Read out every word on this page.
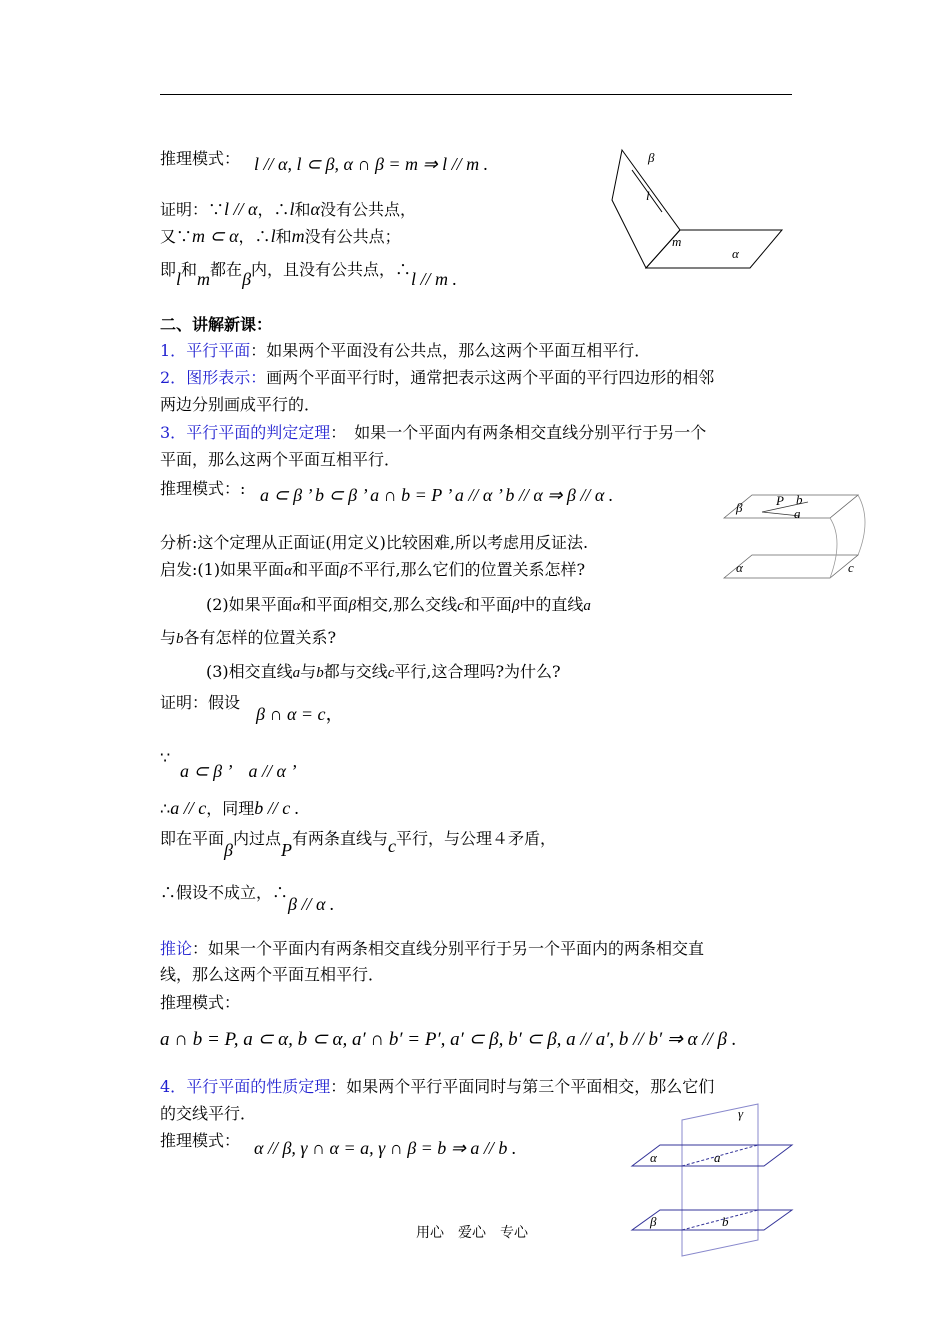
推理模式： l // α, l ⊂ β, α ∩ β = m ⇒ l // m .
证明：∵l // α，∴l和α没有公共点，
又∵m ⊂ α，∴l和m没有公共点；
即l和m都在β内，且没有公共点，∴l // m .
β
l
m
α
二、讲解新课：
1．平行平面：如果两个平面没有公共点，那么这两个平面互相平行．
2．图形表示：画两个平面平行时，通常把表示这两个平面的平行四边形的相邻
两边分别画成平行的．
3．平行平面的判定定理：　如果一个平面内有两条相交直线分别平行于另一个
平面，那么这两个平面互相平行．
推理模式：: a ⊂ β ’ b ⊂ β ’ a ∩ b = P ’ a // α ’ b // α ⇒ β // α .
β	P b
a
α	c
分析:这个定理从正面证(用定义)比较困难,所以考虑用反证法.
启发:(1)如果平面α和平面β不平行,那么它们的位置关系怎样?
(2)如果平面α和平面β相交,那么交线c和平面β中的直线a
与b各有怎样的位置关系?
(3)相交直线a与b都与交线c平行,这合理吗?为什么?
证明：假设
β ∩ α = c，
∵
a ⊂ β ’　a // α ’
∴a // c，同理b // c .
即在平面β内过点P有两条直线与c平行，与公理４矛盾，
∴假设不成立，∴β // α .
推论：如果一个平面内有两条相交直线分别平行于另一个平面内的两条相交直
线，那么这两个平面互相平行．
推理模式：
a ∩ b = P, a ⊂ α, b ⊂ α, a′ ∩ b′ = P′, a′ ⊂ β, b′ ⊂ β, a // a′, b // b′ ⇒ α // β .
4．平行平面的性质定理：如果两个平行平面同时与第三个平面相交，那么它们
的交线平行．
推理模式： α // β, γ ∩ α = a, γ ∩ β = b ⇒ a // b .
γ
α	a
β	b
用心　爱心　专心
